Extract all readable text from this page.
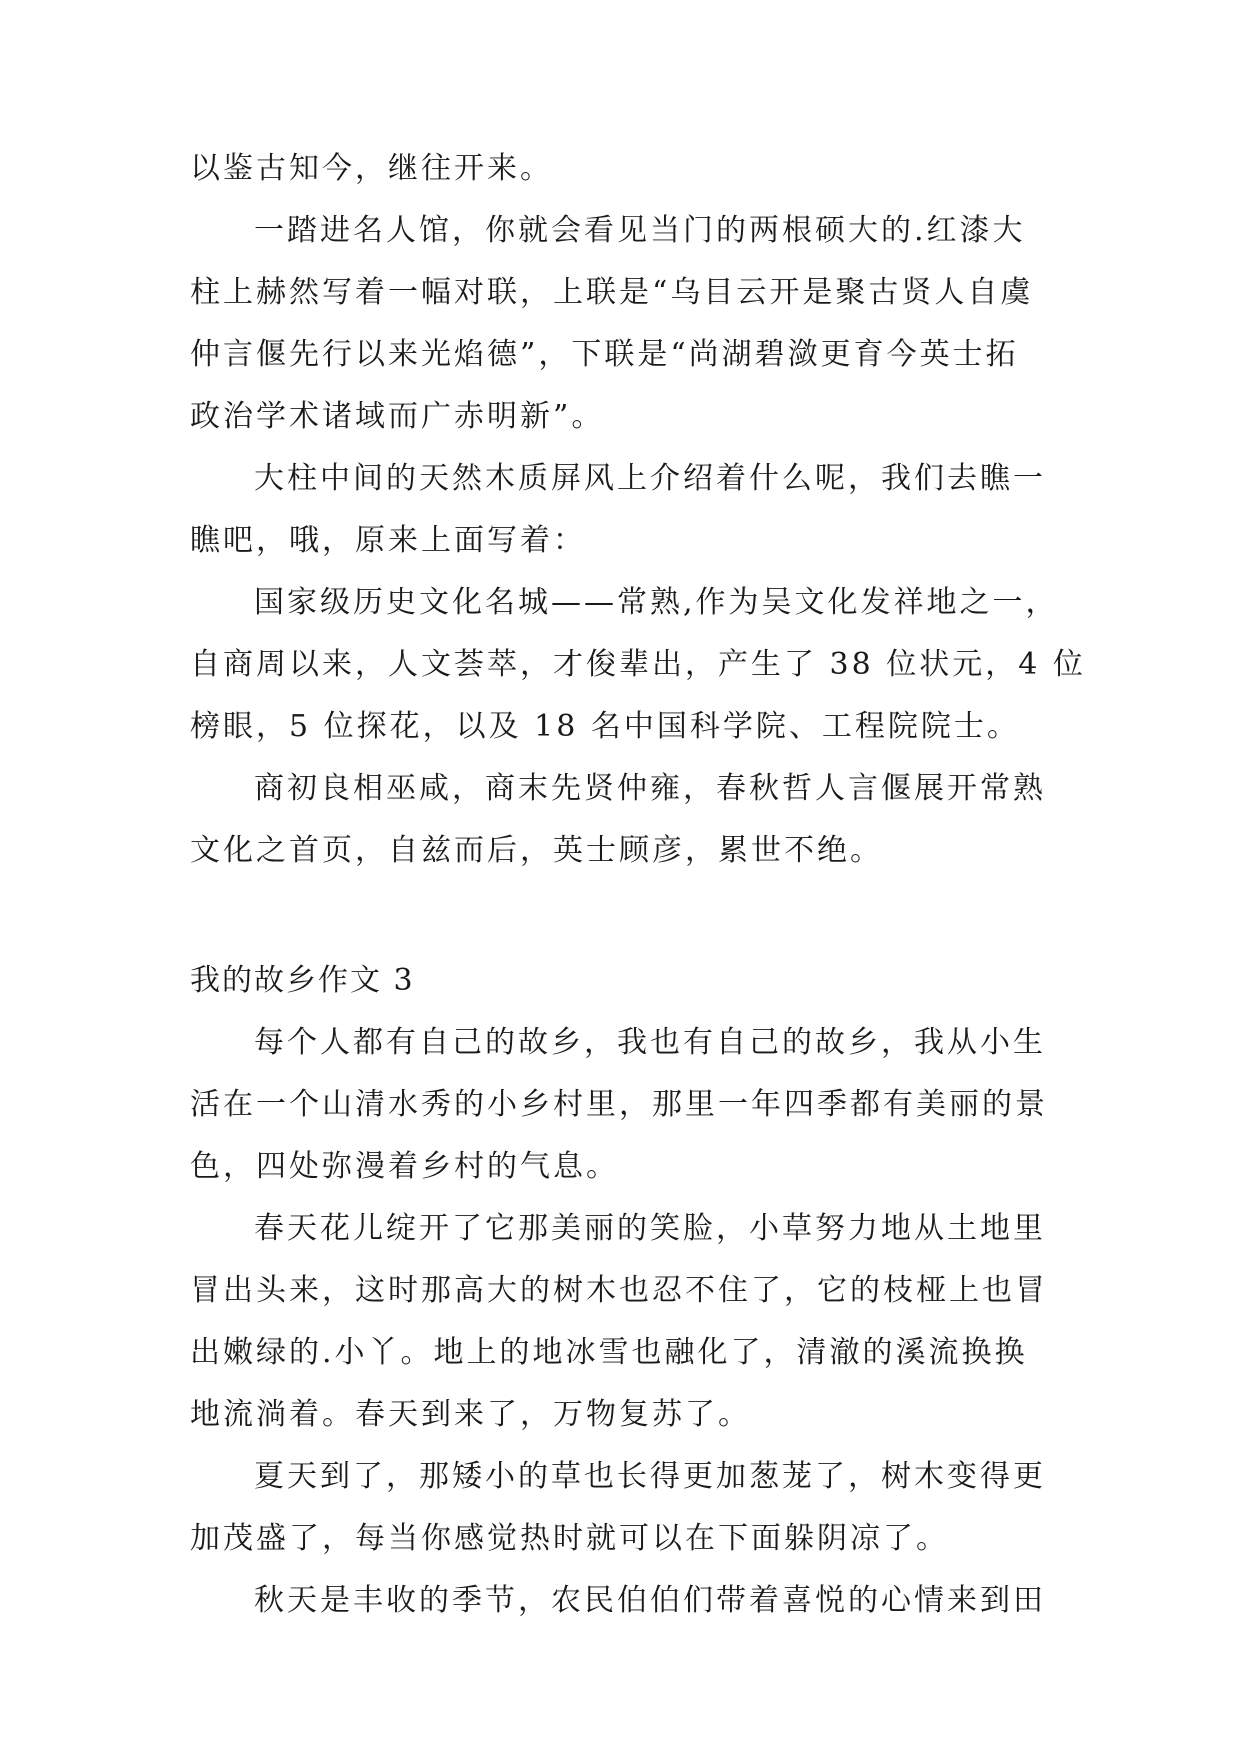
以鉴古知今，继往开来。
一踏进名人馆，你就会看见当门的两根硕大的.红漆大
柱上赫然写着一幅对联，上联是“乌目云开是聚古贤人自虞
仲言偃先行以来光焰德”，下联是“尚湖碧潋更育今英士拓
政治学术诸域而广赤明新”。
大柱中间的天然木质屏风上介绍着什么呢，我们去瞧一
瞧吧，哦，原来上面写着：
国家级历史文化名城——常熟,作为吴文化发祥地之一，
自商周以来，人文荟萃，才俊辈出，产生了 38 位状元，4 位
榜眼，5 位探花，以及 18 名中国科学院、工程院院士。
商初良相巫咸，商末先贤仲雍，春秋哲人言偃展开常熟
文化之首页，自兹而后，英士顾彦，累世不绝。
我的故乡作文 3
每个人都有自己的故乡，我也有自己的故乡，我从小生
活在一个山清水秀的小乡村里，那里一年四季都有美丽的景
色，四处弥漫着乡村的气息。
春天花儿绽开了它那美丽的笑脸，小草努力地从土地里
冒出头来，这时那高大的树木也忍不住了，它的枝桠上也冒
出嫩绿的.小丫。地上的地冰雪也融化了，清澈的溪流换换
地流淌着。春天到来了，万物复苏了。
夏天到了，那矮小的草也长得更加葱茏了，树木变得更
加茂盛了，每当你感觉热时就可以在下面躲阴凉了。
秋天是丰收的季节，农民伯伯们带着喜悦的心情来到田
